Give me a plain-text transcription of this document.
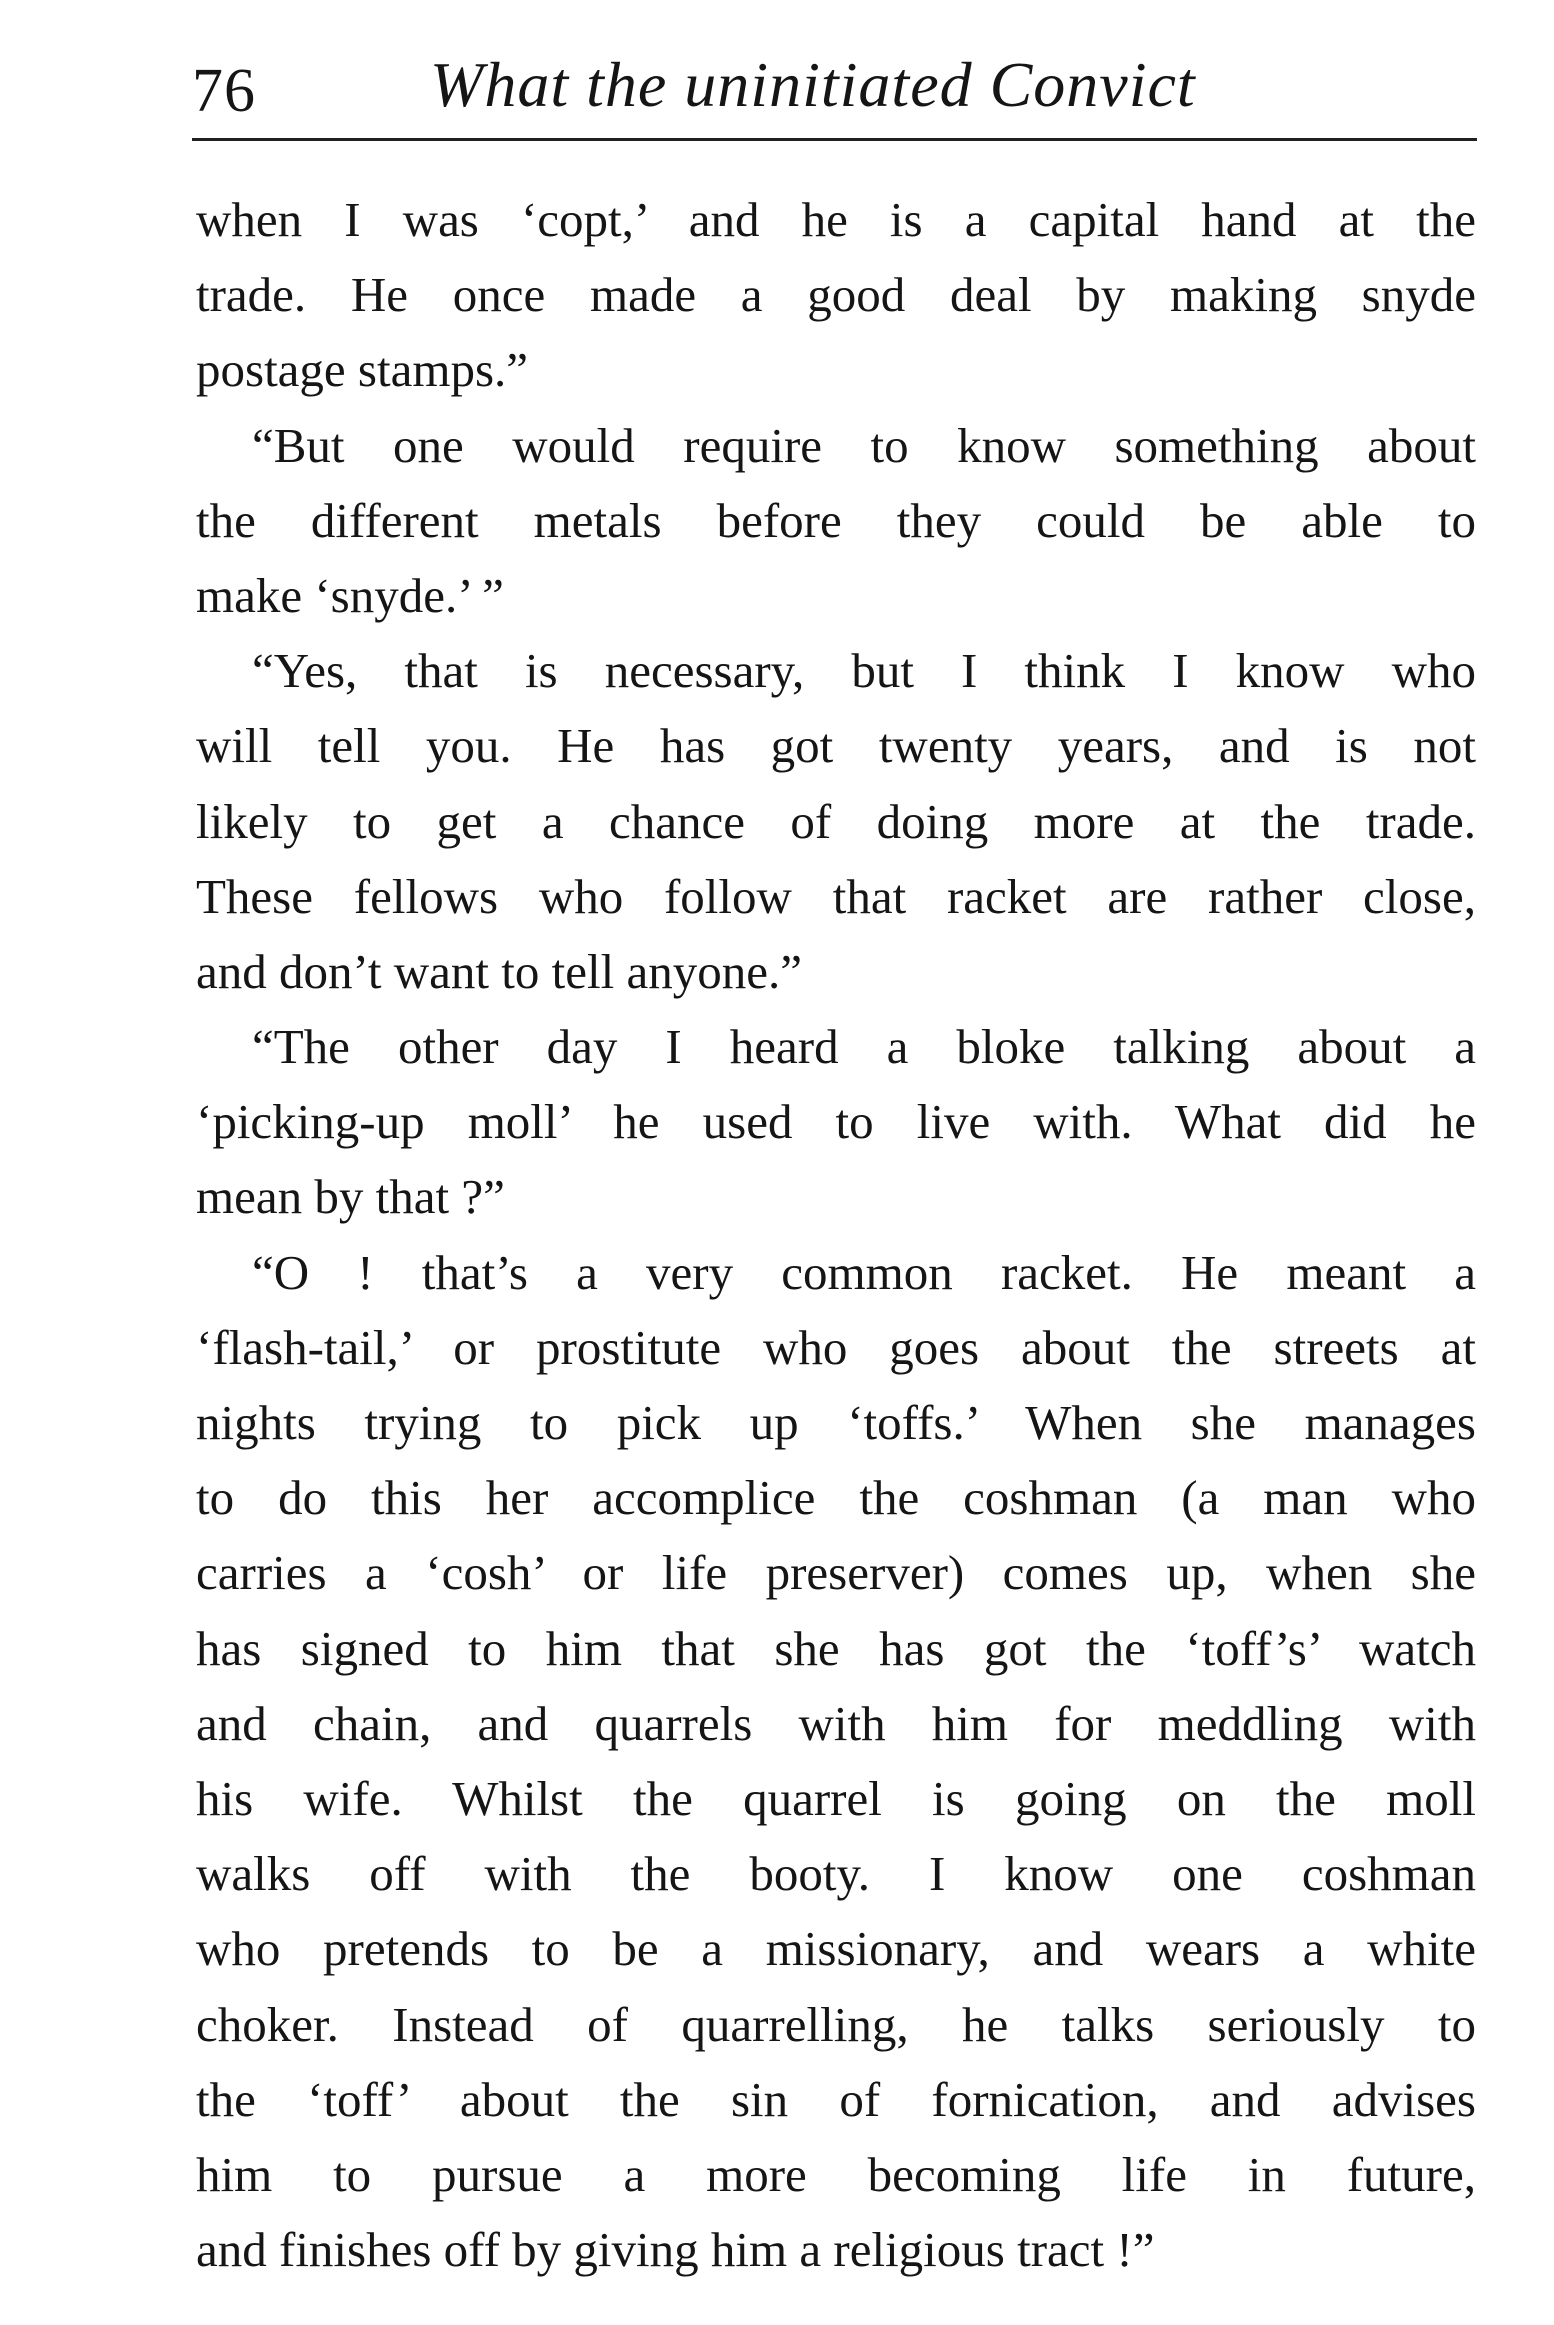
76	What the uninitiated Convict
when I was ‘copt,’ and he is a capital hand at the
trade. He once made a good deal by making snyde
postage stamps.”
“But one would require to know something about
the different metals before they could be able to
make ‘snyde.’ ”
“Yes, that is necessary, but I think I know who
will tell you. He has got twenty years, and is not
likely to get a chance of doing more at the trade.
These fellows who follow that racket are rather close,
and don’t want to tell anyone.”
“The other day I heard a bloke talking about a
‘picking-up moll’ he used to live with. What did he
mean by that ?”
“O ! that’s a very common racket. He meant a
‘flash-tail,’ or prostitute who goes about the streets at
nights trying to pick up ‘toffs.’ When she manages
to do this her accomplice the coshman (a man who
carries a ‘cosh’ or life preserver) comes up, when she
has signed to him that she has got the ‘toff’s’ watch
and chain, and quarrels with him for meddling with
his wife. Whilst the quarrel is going on the moll
walks off with the booty. I know one coshman
who pretends to be a missionary, and wears a white
choker. Instead of quarrelling, he talks seriously to
the ‘toff’ about the sin of fornication, and advises
him to pursue a more becoming life in future,
and finishes off by giving him a religious tract !”
